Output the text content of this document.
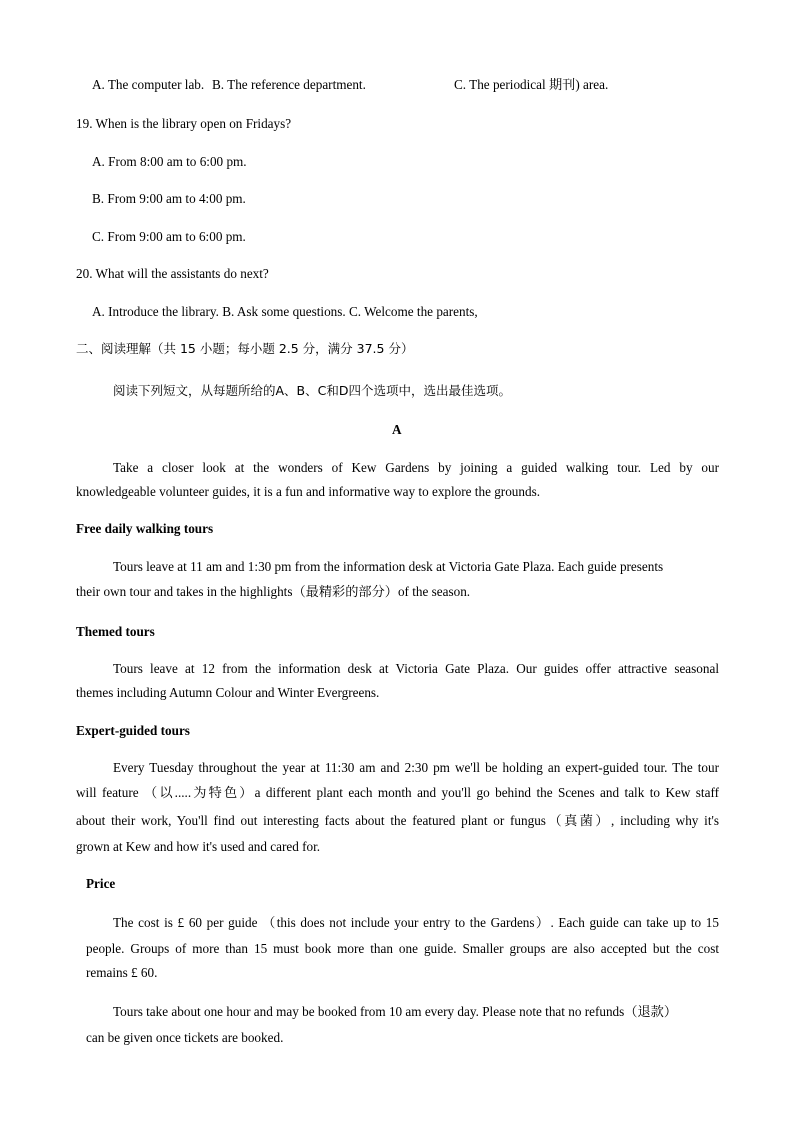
A. The computer lab. B. The reference department.	C. The periodical 期刊) area.
19. When is the library open on Fridays?
A. From 8:00 am to 6:00 pm.
B. From 9:00 am to 4:00 pm.
C. From 9:00 am to 6:00 pm.
20. What will the assistants do next?
A. Introduce the library. B. Ask some questions. C. Welcome the parents,
二、阅读理解（共 15 小题；每小题 2.5 分，满分 37.5 分）
阅读下列短文，从每题所给的A、B、C和D四个选项中，选出最佳选项。
A
Take a closer look at the wonders of Kew Gardens by joining a guided walking tour. Led by our
knowledgeable volunteer guides, it is a fun and informative way to explore the grounds.
Free daily walking tours
Tours leave at 11 am and 1:30 pm from the information desk at Victoria Gate Plaza. Each guide presents
their own tour and takes in the highlights（最精彩的部分）of the season.
Themed tours
Tours leave at 12 from the information desk at Victoria Gate Plaza. Our guides offer attractive seasonal
themes including Autumn Colour and Winter Evergreens.
Expert-guided tours
Every Tuesday throughout the year at 11:30 am and 2:30 pm we'll be holding an expert-guided tour. The tour
will feature （以.....为特色）a different plant each month and you'll go behind the Scenes and talk to Kew staff
about their work, You'll find out interesting facts about the featured plant or fungus（真菌）, including why it's
grown at Kew and how it's used and cared for.
Price
The cost is £ 60 per guide （this does not include your entry to the Gardens）. Each guide can take up to 15
people. Groups of more than 15 must book more than one guide. Smaller groups are also accepted but the cost
remains £ 60.
Tours take about one hour and may be booked from 10 am every day. Please note that no refunds（退款）
can be given once tickets are booked.
